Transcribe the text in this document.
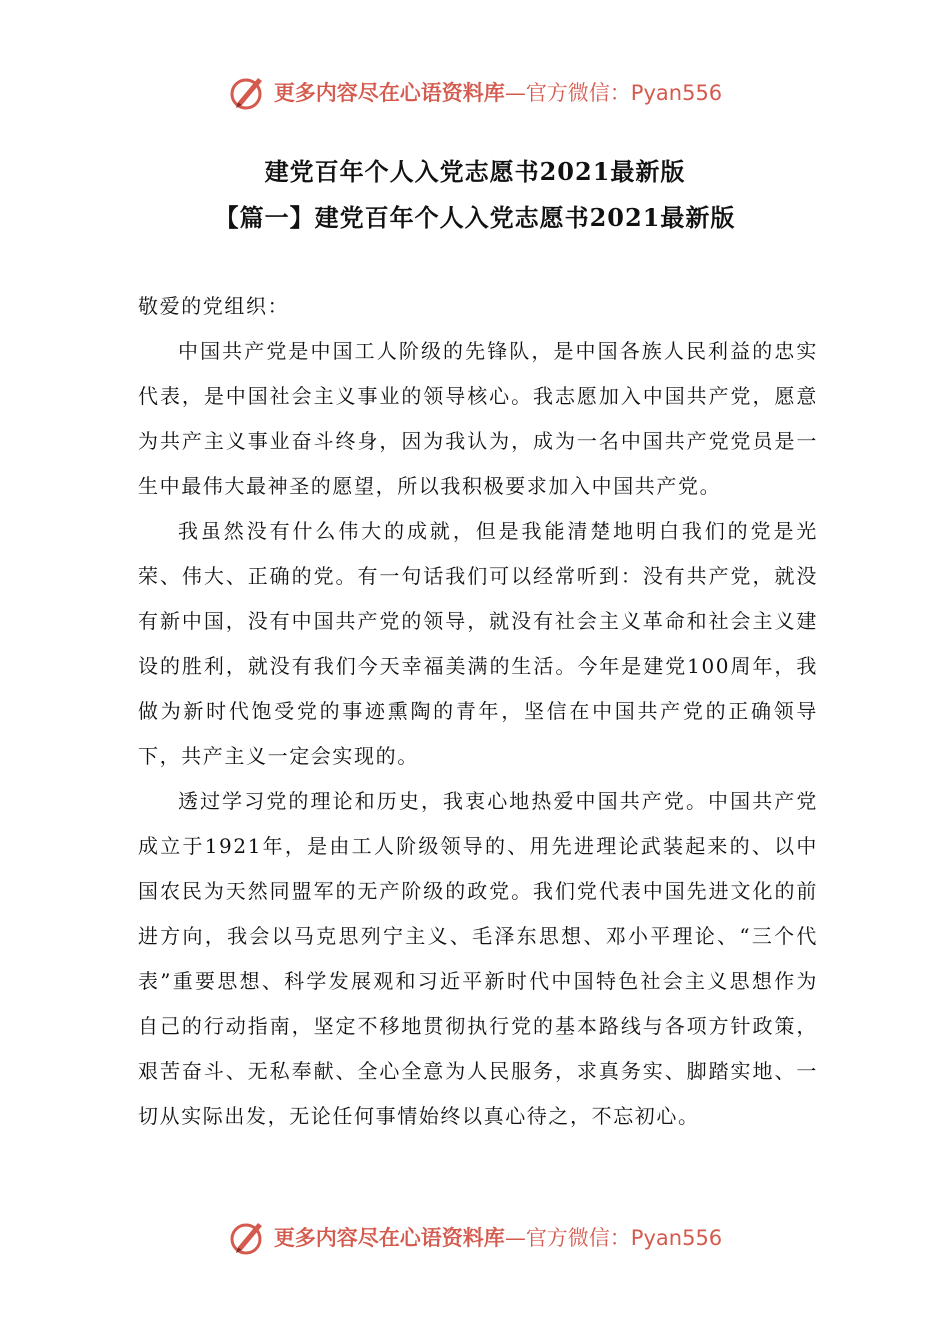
更多内容尽在心语资料库—官方微信：Pyan556
建党百年个人入党志愿书2021最新版
【篇一】建党百年个人入党志愿书2021最新版

敬爱的党组织：

中国共产党是中国工人阶级的先锋队，是中国各族人民利益的忠实代表，是中国社会主义事业的领导核心。我志愿加入中国共产党，愿意为共产主义事业奋斗终身，因为我认为，成为一名中国共产党党员是一生中最伟大最神圣的愿望，所以我积极要求加入中国共产党。

我虽然没有什么伟大的成就，但是我能清楚地明白我们的党是光荣、伟大、正确的党。有一句话我们可以经常听到：没有共产党，就没有新中国，没有中国共产党的领导，就没有社会主义革命和社会主义建设的胜利，就没有我们今天幸福美满的生活。今年是建党100周年，我做为新时代饱受党的事迹熏陶的青年，坚信在中国共产党的正确领导下，共产主义一定会实现的。

透过学习党的理论和历史，我衷心地热爱中国共产党。中国共产党成立于1921年，是由工人阶级领导的、用先进理论武装起来的、以中国农民为天然同盟军的无产阶级的政党。我们党代表中国先进文化的前进方向，我会以马克思列宁主义、毛泽东思想、邓小平理论、“三个代表”重要思想、科学发展观和习近平新时代中国特色社会主义思想作为自己的行动指南，坚定不移地贯彻执行党的基本路线与各项方针政策，艰苦奋斗、无私奉献、全心全意为人民服务，求真务实、脚踏实地、一切从实际出发，无论任何事情始终以真心待之，不忘初心。

更多内容尽在心语资料库—官方微信：Pyan556
